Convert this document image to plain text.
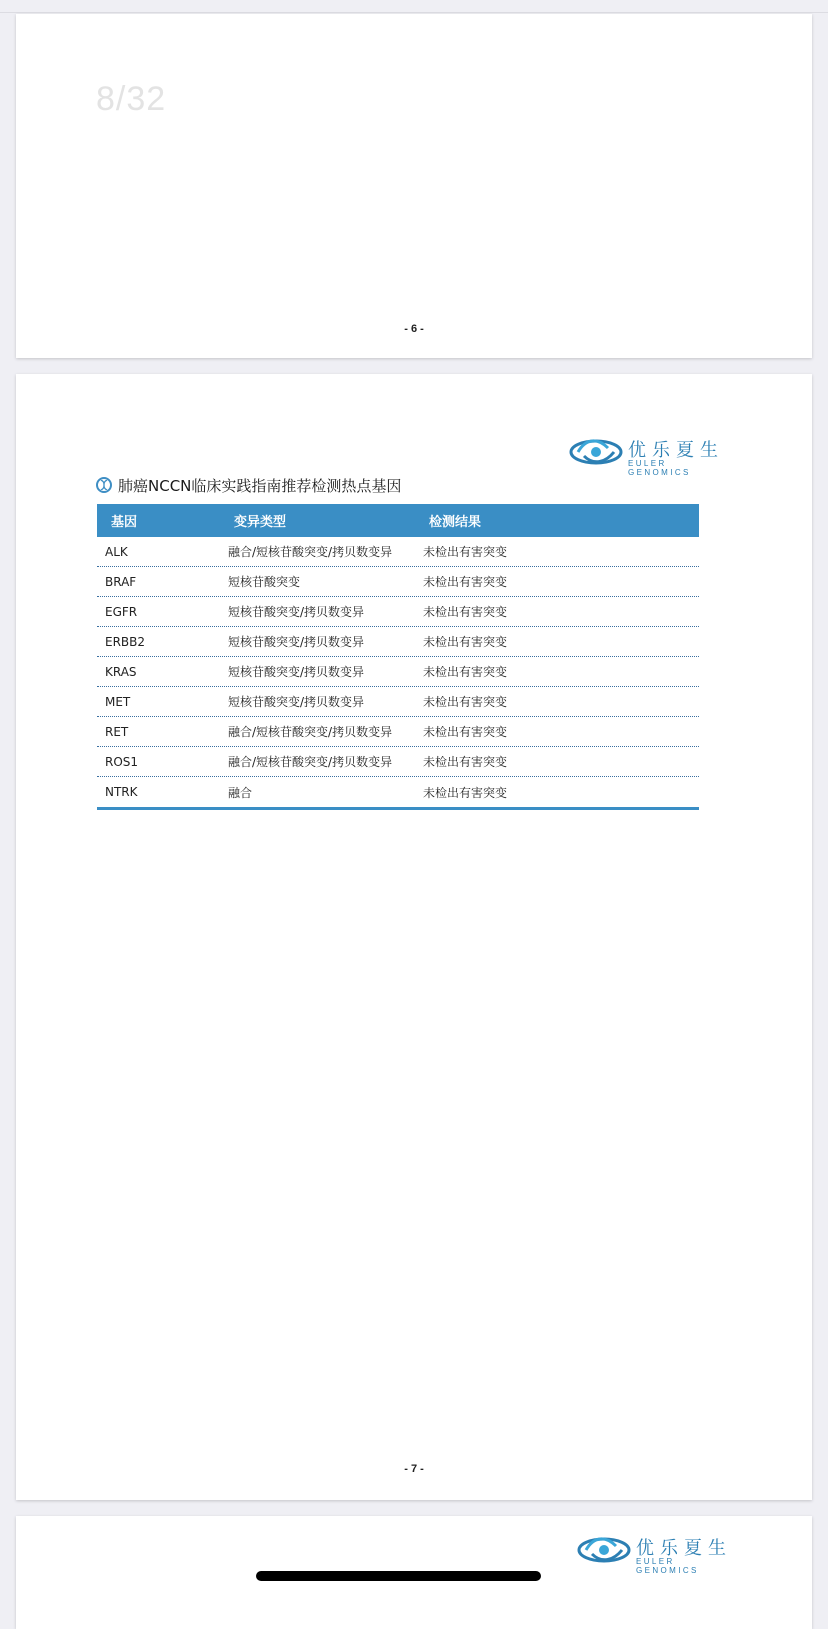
8/32
- 6 -
优乐夏生
EULER GENOMICS
肺癌NCCN临床实践指南推荐检测热点基因
基因	变异类型	检测结果
ALK	融合/短核苷酸突变/拷贝数变异	未检出有害突变
BRAF	短核苷酸突变	未检出有害突变
EGFR	短核苷酸突变/拷贝数变异	未检出有害突变
ERBB2	短核苷酸突变/拷贝数变异	未检出有害突变
KRAS	短核苷酸突变/拷贝数变异	未检出有害突变
MET	短核苷酸突变/拷贝数变异	未检出有害突变
RET	融合/短核苷酸突变/拷贝数变异	未检出有害突变
ROS1	融合/短核苷酸突变/拷贝数变异	未检出有害突变
NTRK	融合	未检出有害突变
- 7 -
优乐夏生
EULER GENOMICS
